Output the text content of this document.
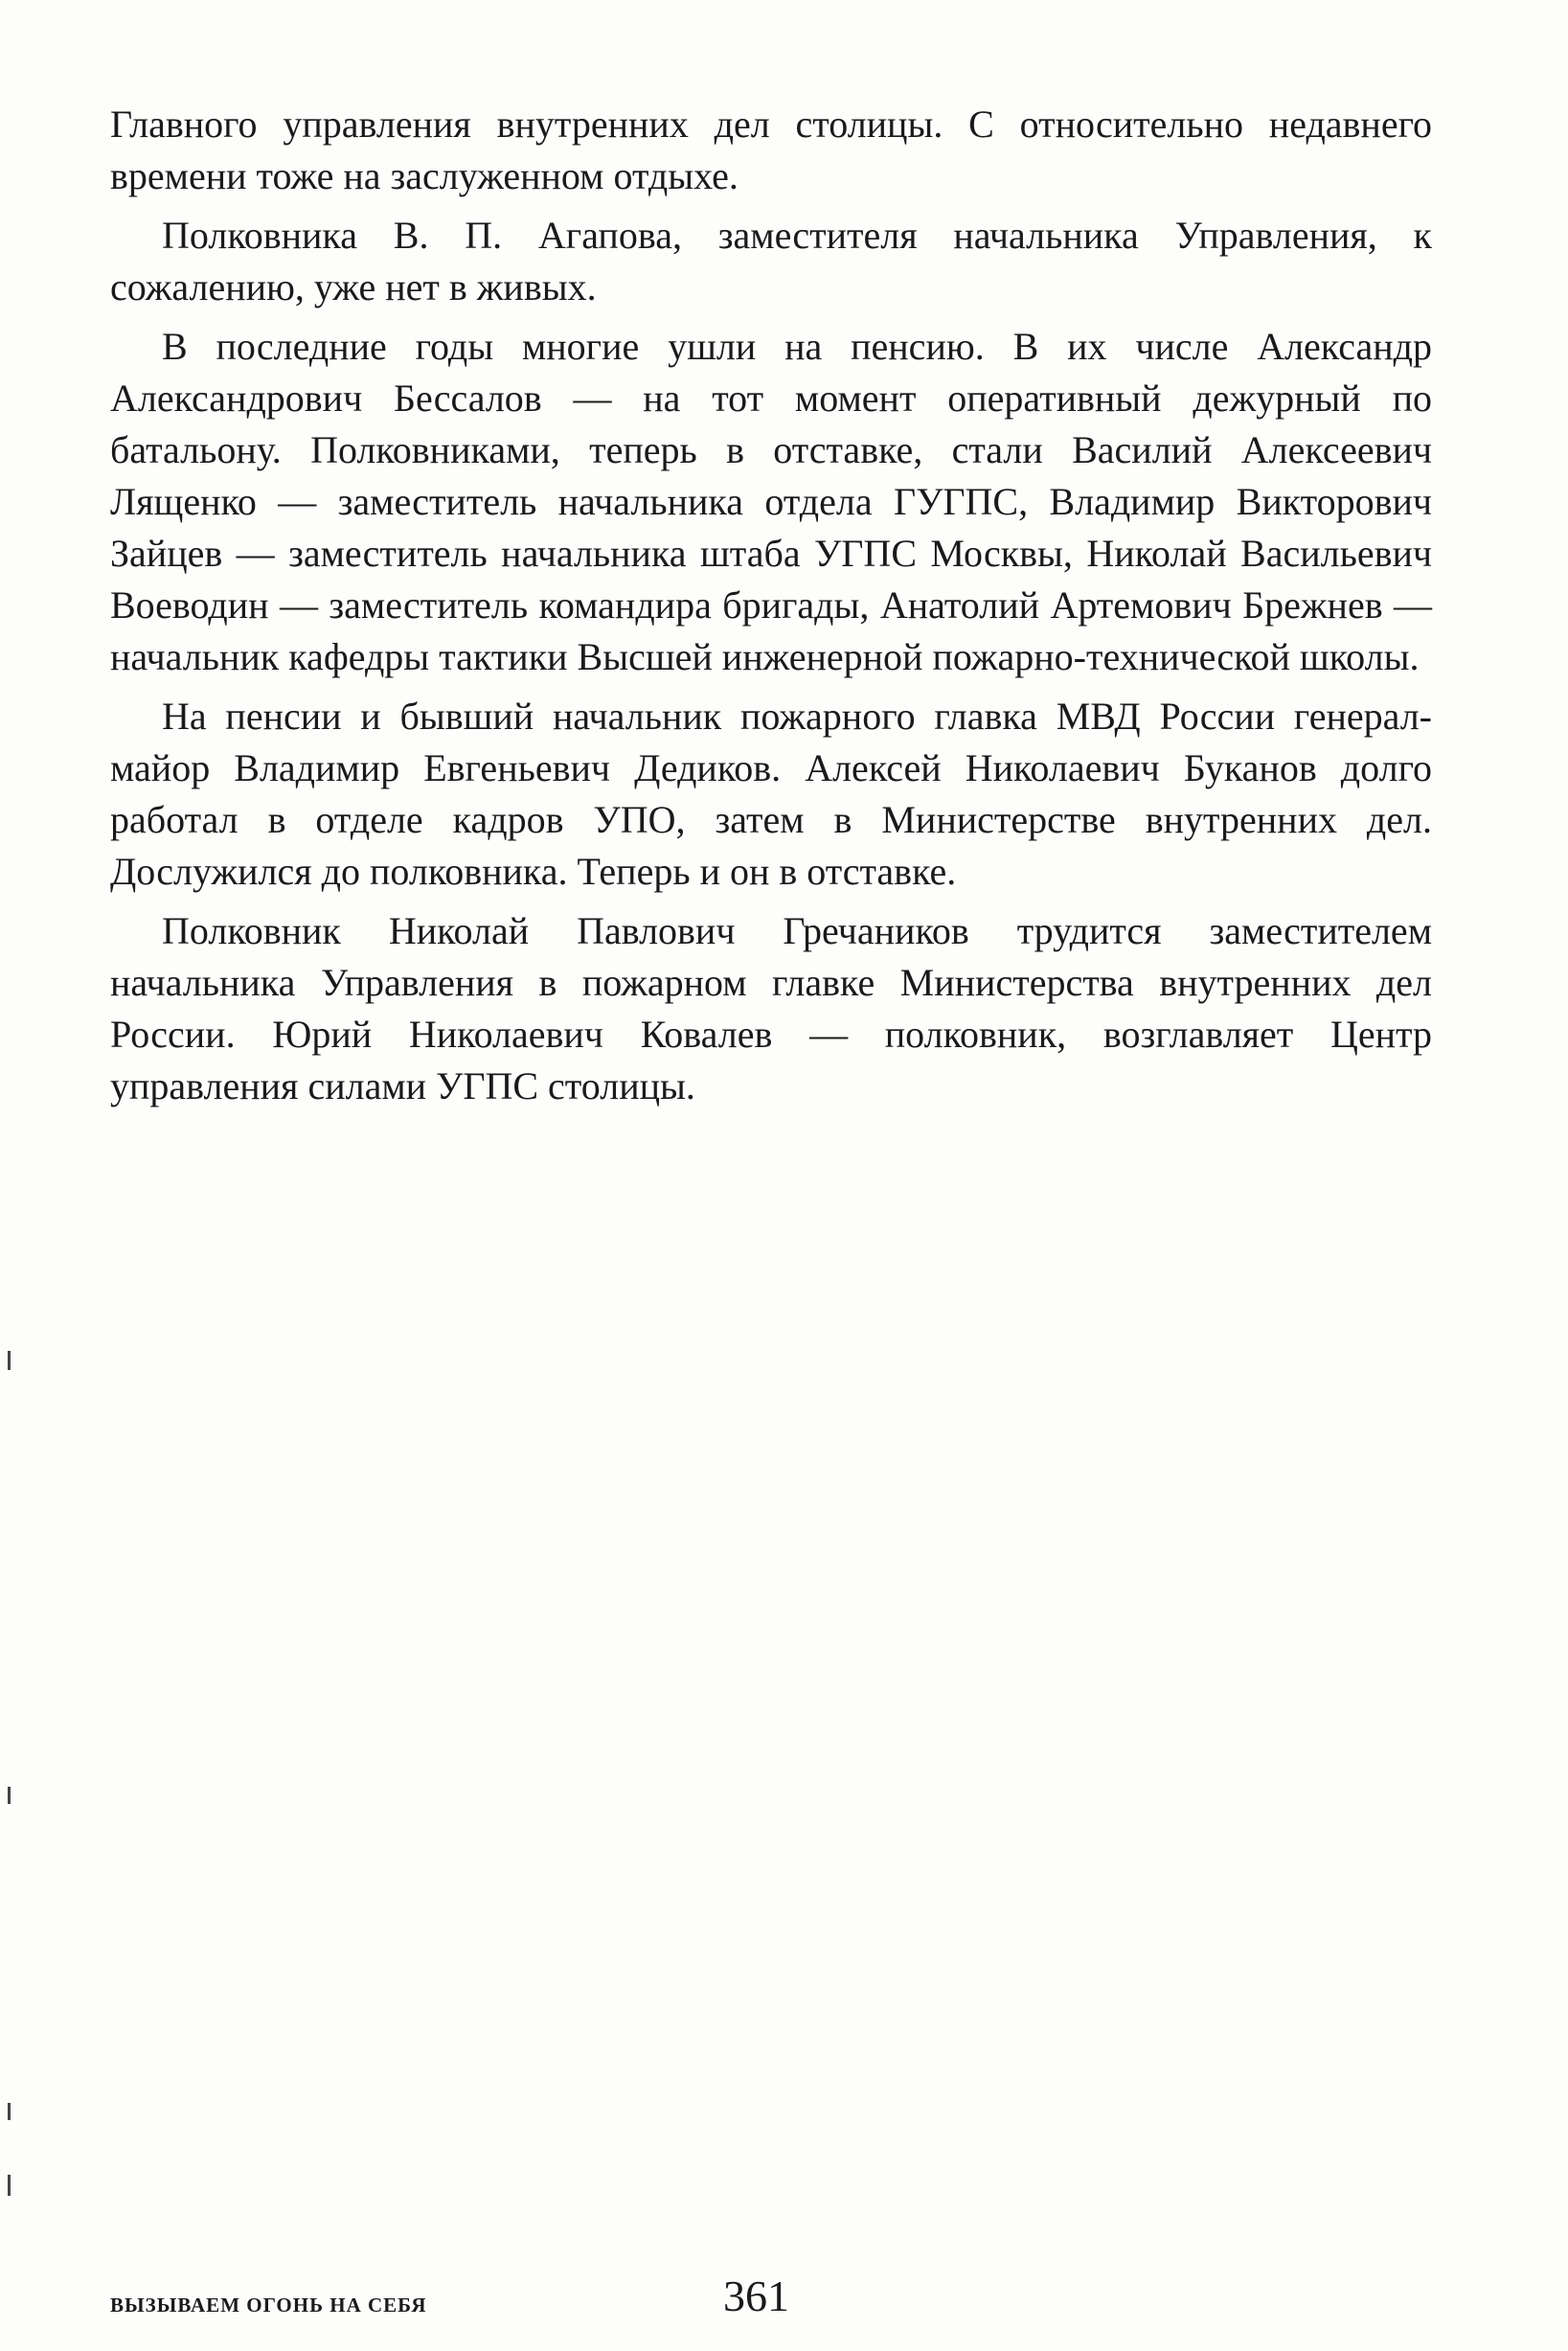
Главного управления внутренних дел столицы. С относительно недавнего времени тоже на заслуженном отдыхе.

Полковника В. П. Агапова, заместителя начальника Управления, к сожалению, уже нет в живых.

В последние годы многие ушли на пенсию. В их числе Александр Александрович Бессалов — на тот момент оперативный дежурный по батальону. Полковниками, теперь в отставке, стали Василий Алексеевич Лященко — заместитель начальника отдела ГУГПС, Владимир Викторович Зайцев — заместитель начальника штаба УГПС Москвы, Николай Васильевич Воеводин — заместитель командира бригады, Анатолий Артемович Брежнев — начальник кафедры тактики Высшей инженерной пожарно-технической школы.

На пенсии и бывший начальник пожарного главка МВД России генерал-майор Владимир Евгеньевич Дедиков. Алексей Николаевич Буканов долго работал в отделе кадров УПО, затем в Министерстве внутренних дел. Дослужился до полковника. Теперь и он в отставке.

Полковник Николай Павлович Гречаников трудится заместителем начальника Управления в пожарном главке Министерства внутренних дел России. Юрий Николаевич Ковалев — полковник, возглавляет Центр управления силами УГПС столицы.

ВЫЗЫВАЕМ ОГОНЬ НА СЕБЯ	361
